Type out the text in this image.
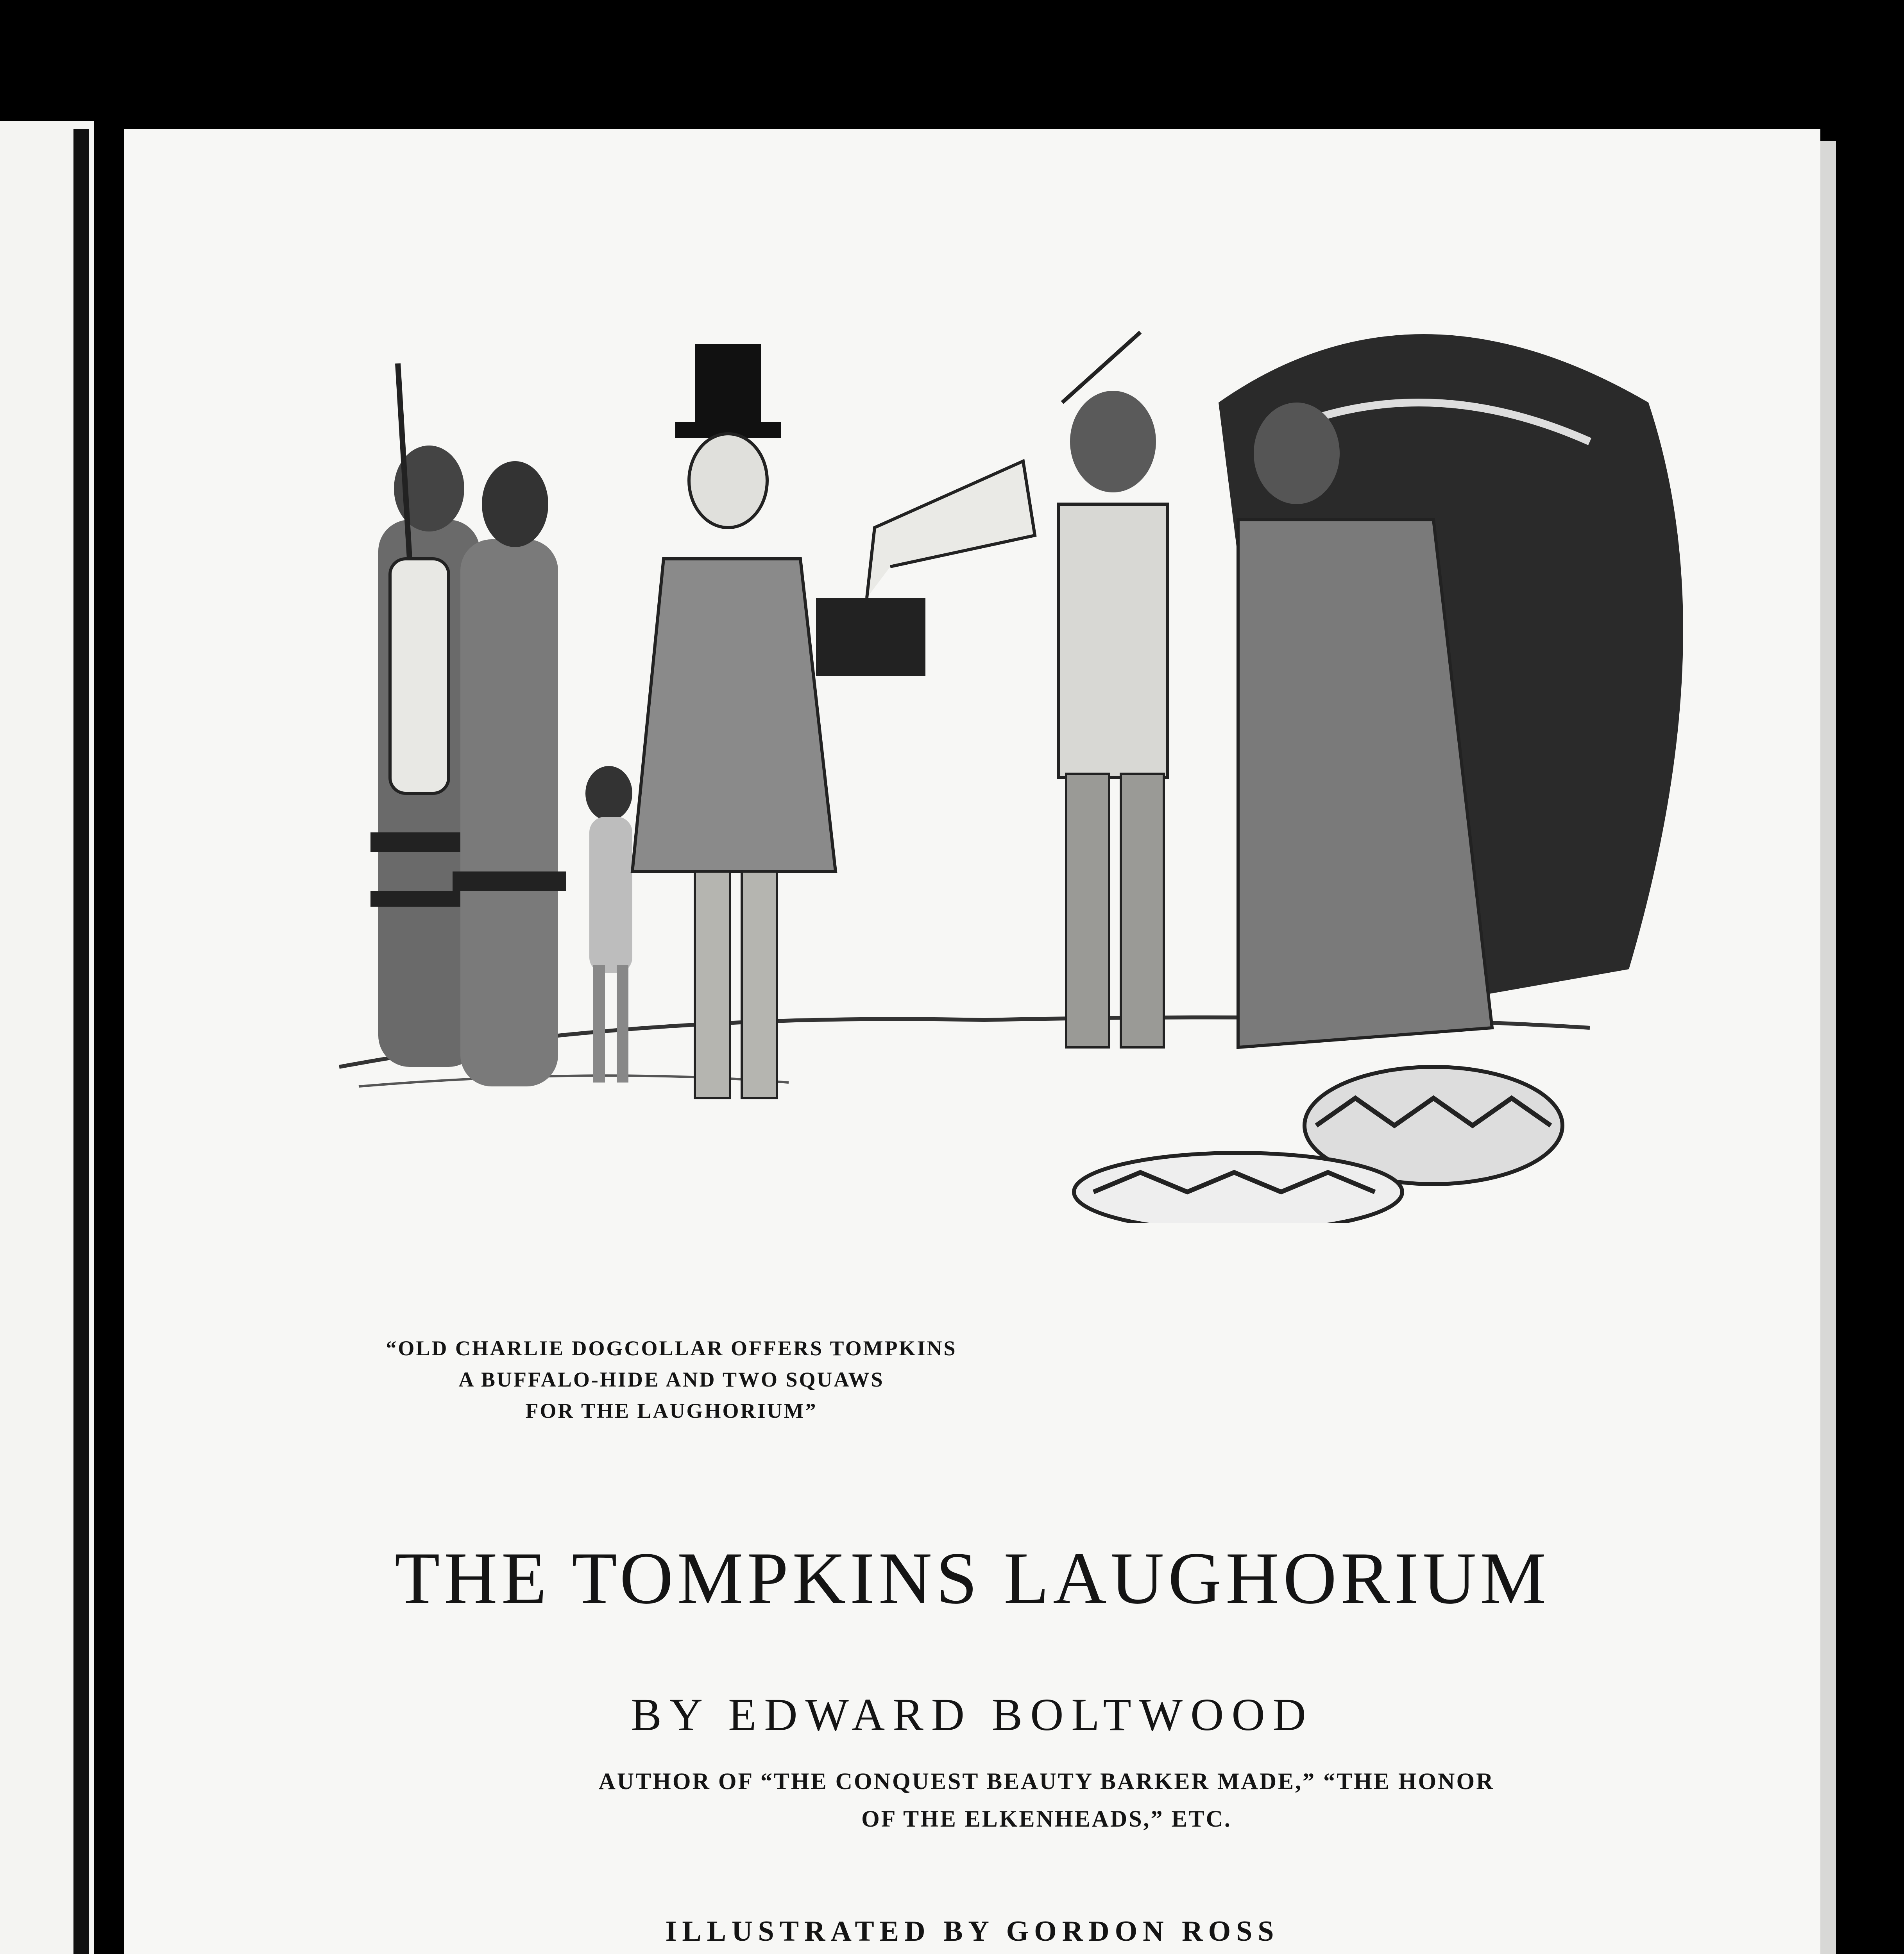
“OLD CHARLIE DOGCOLLAR OFFERS TOMPKINS
A BUFFALO-HIDE AND TWO SQUAWS
FOR THE LAUGHORIUM”
THE TOMPKINS LAUGHORIUM
BY EDWARD BOLTWOOD
AUTHOR OF “THE CONQUEST BEAUTY BARKER MADE,” “THE HONOR
OF THE ELKENHEADS,” ETC.
ILLUSTRATED BY GORDON ROSS
